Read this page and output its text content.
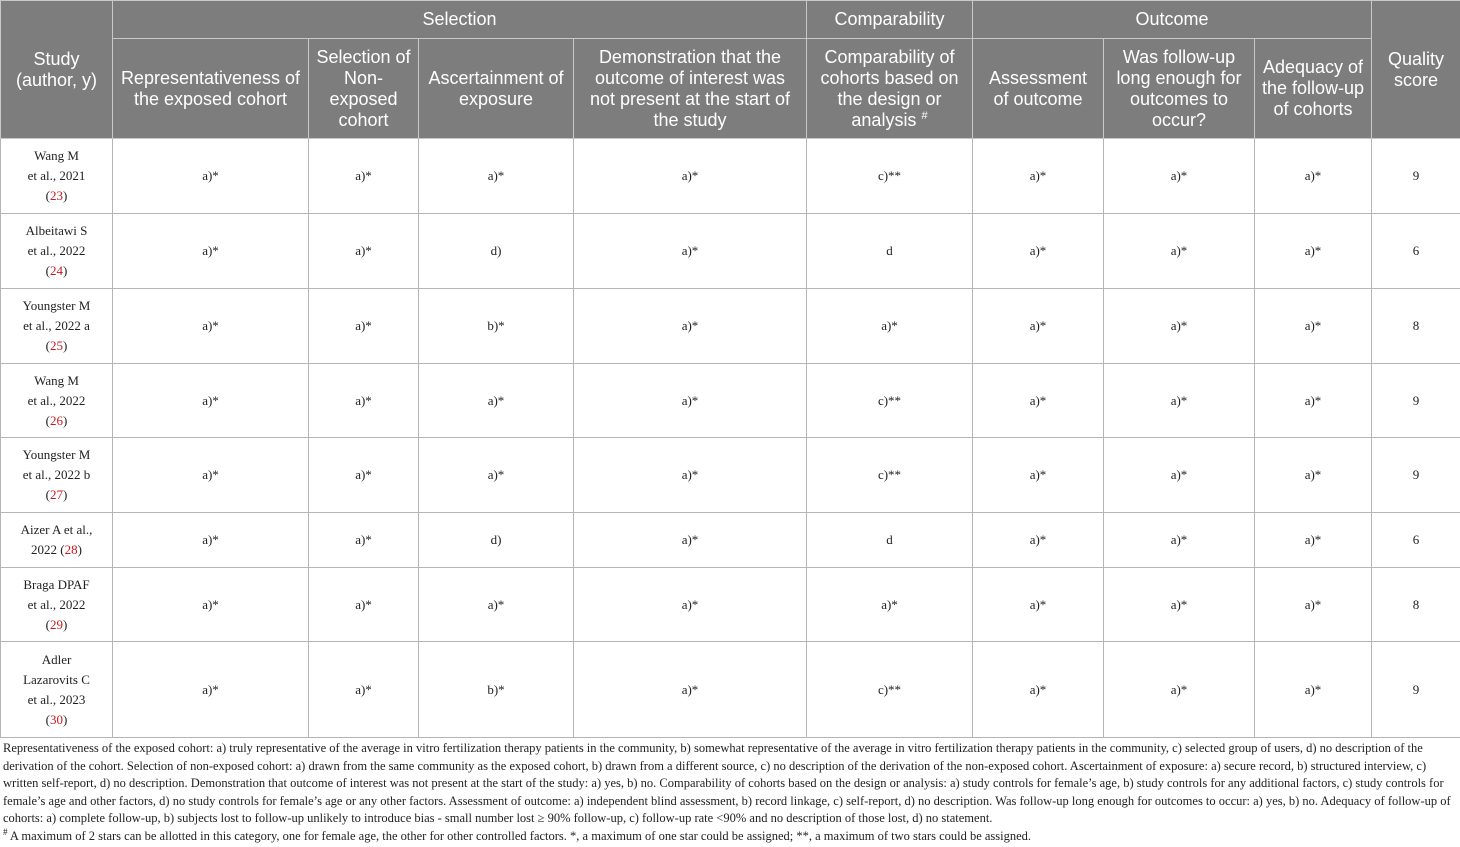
Study (author, y)	Selection				Comparability	Outcome			Quality score
	Representativeness of the exposed cohort	Selection of Non-exposed cohort	Ascertainment of exposure	Demonstration that the outcome of interest was not present at the start of the study	Comparability of cohorts based on the design or analysis #	Assessment of outcome	Was follow-up long enough for outcomes to occur?	Adequacy of the follow-up of cohorts	
Wang M
et al., 2021
(23)	a)*	a)*	a)*	a)*	c)**	a)*	a)*	a)*	9
Albeitawi S
et al., 2022
(24)	a)*	a)*	d)	a)*	d	a)*	a)*	a)*	6
Youngster M
et al., 2022 a
(25)	a)*	a)*	b)*	a)*	a)*	a)*	a)*	a)*	8
Wang M
et al., 2022
(26)	a)*	a)*	a)*	a)*	c)**	a)*	a)*	a)*	9
Youngster M
et al., 2022 b
(27)	a)*	a)*	a)*	a)*	c)**	a)*	a)*	a)*	9
Aizer A et al.,
2022 (28)	a)*	a)*	d)	a)*	d	a)*	a)*	a)*	6
Braga DPAF
et al., 2022
(29)	a)*	a)*	a)*	a)*	a)*	a)*	a)*	a)*	8
Adler
Lazarovits C
et al., 2023
(30)	a)*	a)*	b)*	a)*	c)**	a)*	a)*	a)*	9

Representativeness of the exposed cohort: a) truly representative of the average in vitro fertilization therapy patients in the community, b) somewhat representative of the average in vitro fertilization therapy patients in the community, c) selected group of users, d) no description of the derivation of the cohort. Selection of non-exposed cohort: a) drawn from the same community as the exposed cohort, b) drawn from a different source, c) no description of the derivation of the non-exposed cohort. Ascertainment of exposure: a) secure record, b) structured interview, c) written self-report, d) no description. Demonstration that outcome of interest was not present at the start of the study: a) yes, b) no. Comparability of cohorts based on the design or analysis: a) study controls for female’s age, b) study controls for any additional factors, c) study controls for female’s age and other factors, d) no study controls for female’s age or any other factors. Assessment of outcome: a) independent blind assessment, b) record linkage, c) self-report, d) no description. Was follow-up long enough for outcomes to occur: a) yes, b) no. Adequacy of follow-up of cohorts: a) complete follow-up, b) subjects lost to follow-up unlikely to introduce bias - small number lost ≥ 90% follow-up, c) follow-up rate <90% and no description of those lost, d) no statement.

# A maximum of 2 stars can be allotted in this category, one for female age, the other for other controlled factors. *, a maximum of one star could be assigned; **, a maximum of two stars could be assigned.
